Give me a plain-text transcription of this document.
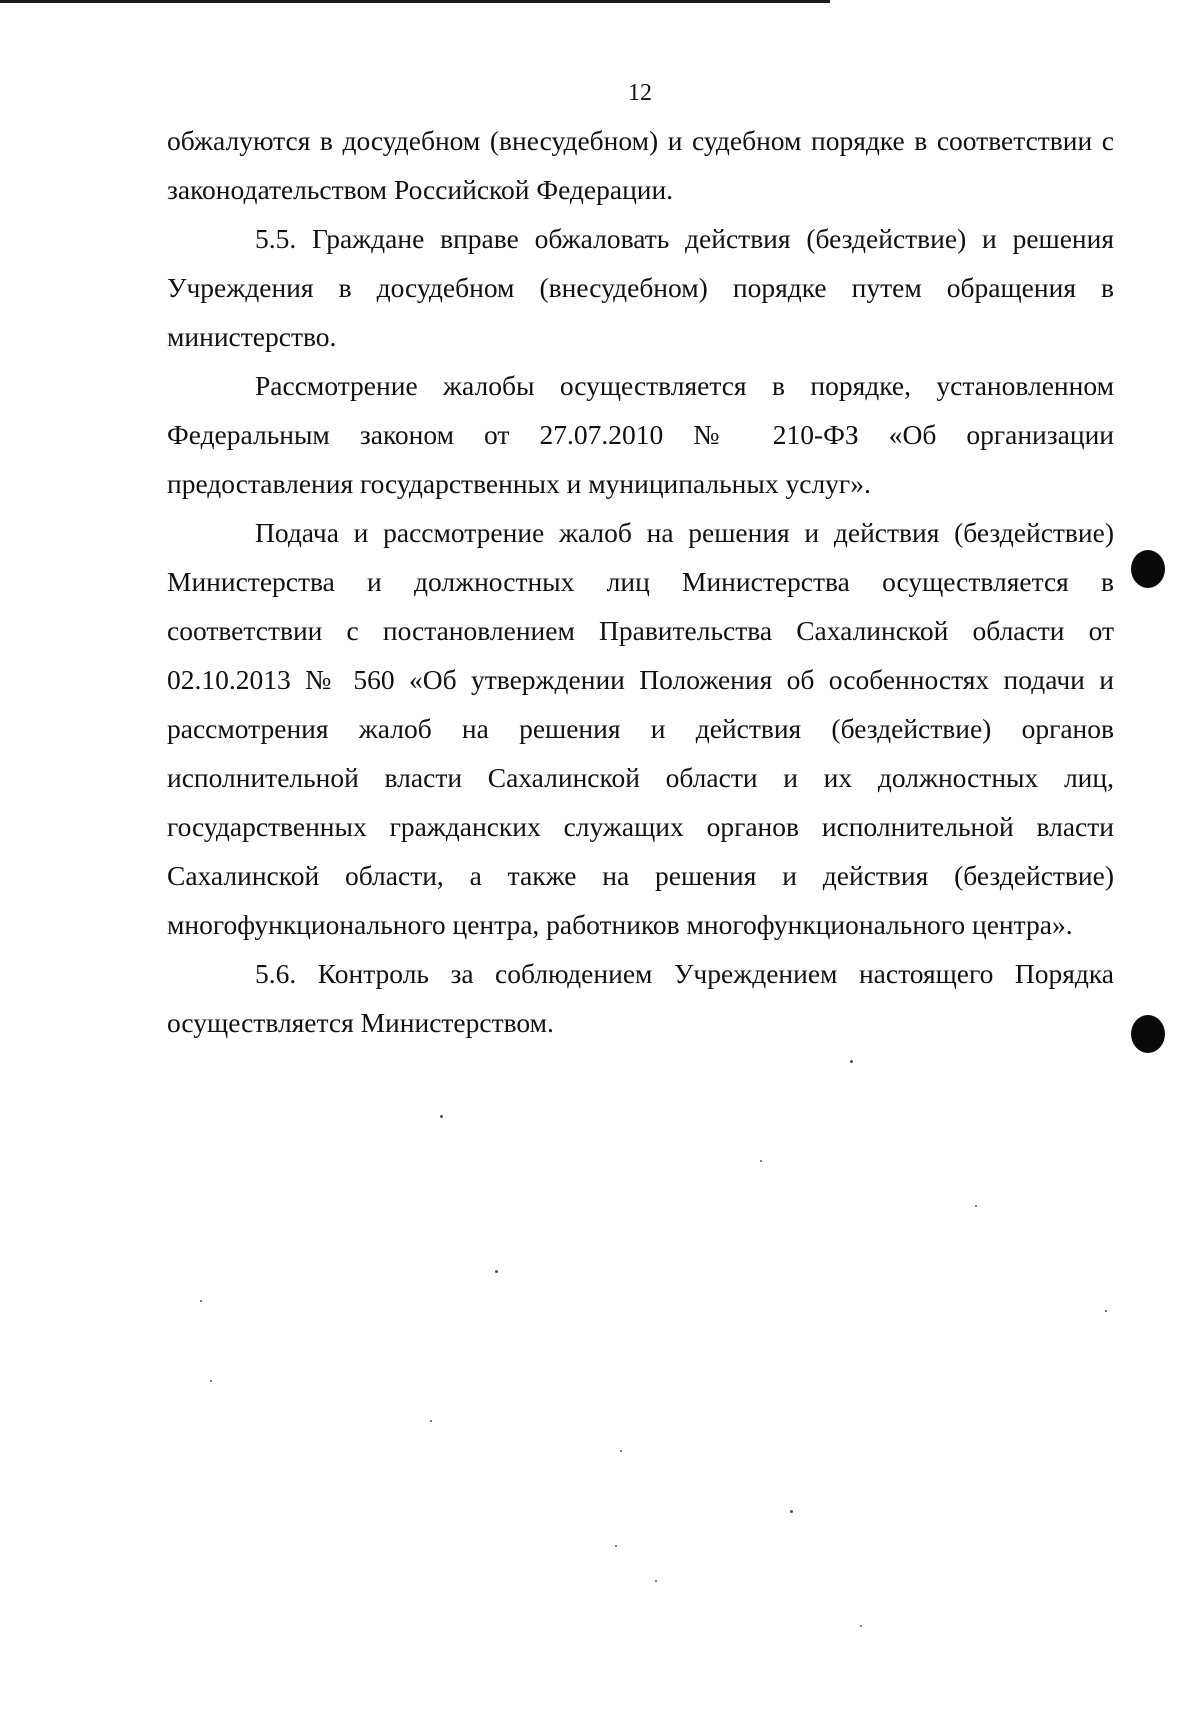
12

обжалуются в досудебном (внесудебном) и судебном порядке в соответствии с законодательством Российской Федерации.

5.5. Граждане вправе обжаловать действия (бездействие) и решения Учреждения в досудебном (внесудебном) порядке путем обращения в министерство.

Рассмотрение жалобы осуществляется в порядке, установленном Федеральным законом от 27.07.2010 № 210-ФЗ «Об организации предоставления государственных и муниципальных услуг».

Подача и рассмотрение жалоб на решения и действия (бездействие) Министерства и должностных лиц Министерства осуществляется в соответствии с постановлением Правительства Сахалинской области от 02.10.2013 № 560 «Об утверждении Положения об особенностях подачи и рассмотрения жалоб на решения и действия (бездействие) органов исполнительной власти Сахалинской области и их должностных лиц, государственных гражданских служащих органов исполнительной власти Сахалинской области, а также на решения и действия (бездействие) многофункционального центра, работников многофункционального центра».

5.6. Контроль за соблюдением Учреждением настоящего Порядка осуществляется Министерством.
